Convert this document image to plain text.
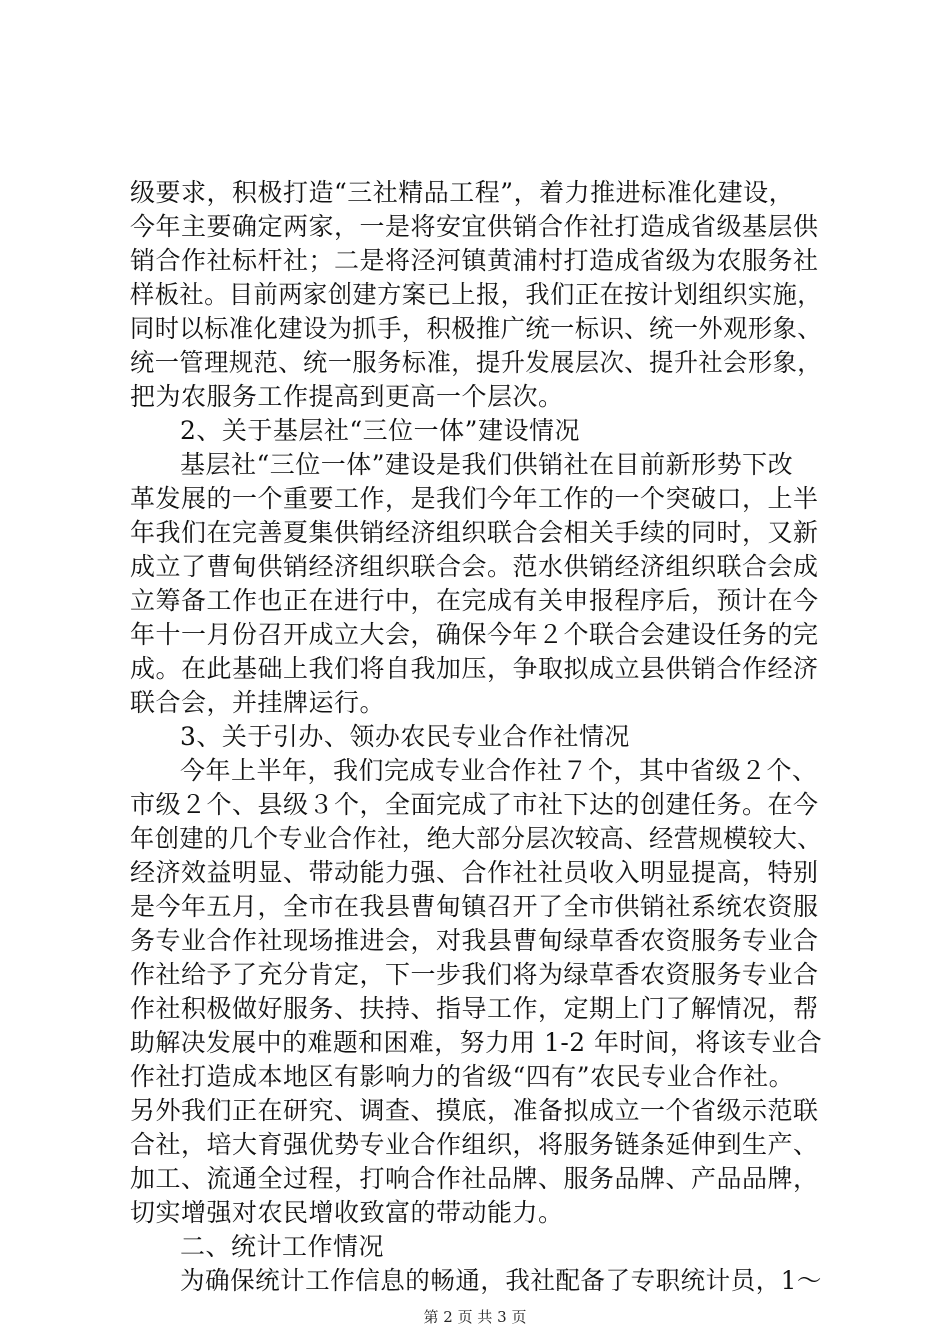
级要求，积极打造“三社精品工程”，着力推进标准化建设，
今年主要确定两家，一是将安宜供销合作社打造成省级基层供
销合作社标杆社；二是将泾河镇黄浦村打造成省级为农服务社
样板社。目前两家创建方案已上报，我们正在按计划组织实施，
同时以标准化建设为抓手，积极推广统一标识、统一外观形象、
统一管理规范、统一服务标准，提升发展层次、提升社会形象，
把为农服务工作提高到更高一个层次。
2、关于基层社“三位一体”建设情况
基层社“三位一体”建设是我们供销社在目前新形势下改
革发展的一个重要工作，是我们今年工作的一个突破口，上半
年我们在完善夏集供销经济组织联合会相关手续的同时，又新
成立了曹甸供销经济组织联合会。范水供销经济组织联合会成
立筹备工作也正在进行中，在完成有关申报程序后，预计在今
年十一月份召开成立大会，确保今年２个联合会建设任务的完
成。在此基础上我们将自我加压，争取拟成立县供销合作经济
联合会，并挂牌运行。
3、关于引办、领办农民专业合作社情况
今年上半年，我们完成专业合作社７个，其中省级２个、
市级２个、县级３个，全面完成了市社下达的创建任务。在今
年创建的几个专业合作社，绝大部分层次较高、经营规模较大、
经济效益明显、带动能力强、合作社社员收入明显提高，特别
是今年五月，全市在我县曹甸镇召开了全市供销社系统农资服
务专业合作社现场推进会，对我县曹甸绿草香农资服务专业合
作社给予了充分肯定，下一步我们将为绿草香农资服务专业合
作社积极做好服务、扶持、指导工作，定期上门了解情况，帮
助解决发展中的难题和困难，努力用 1-2 年时间，将该专业合
作社打造成本地区有影响力的省级“四有”农民专业合作社。
另外我们正在研究、调查、摸底，准备拟成立一个省级示范联
合社，培大育强优势专业合作组织，将服务链条延伸到生产、
加工、流通全过程，打响合作社品牌、服务品牌、产品品牌，
切实增强对农民增收致富的带动能力。
二、统计工作情况
为确保统计工作信息的畅通，我社配备了专职统计员，1～
第 2 页 共 3 页
